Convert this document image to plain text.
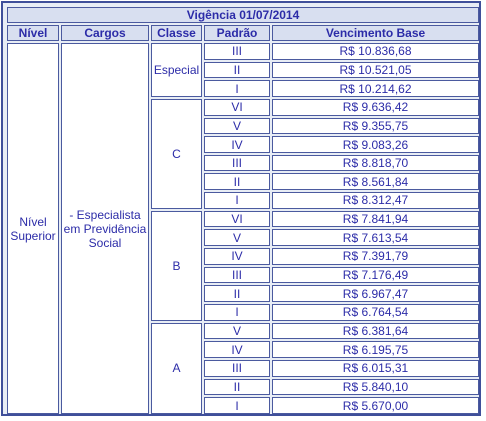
Vigência 01/07/2014				
Nível	Cargos	Classe	Padrão	Vencimento Base
Nível Superior	- Especialista em Previdência Social	Especial	III	R$ 10.836,68
			II	R$ 10.521,05
			I	R$ 10.214,62
		C	VI	R$ 9.636,42
			V	R$ 9.355,75
			IV	R$ 9.083,26
			III	R$ 8.818,70
			II	R$ 8.561,84
			I	R$ 8.312,47
		B	VI	R$ 7.841,94
			V	R$ 7.613,54
			IV	R$ 7.391,79
			III	R$ 7.176,49
			II	R$ 6.967,47
			I	R$ 6.764,54
		A	V	R$ 6.381,64
			IV	R$ 6.195,75
			III	R$ 6.015,31
			II	R$ 5.840,10
			I	R$ 5.670,00
